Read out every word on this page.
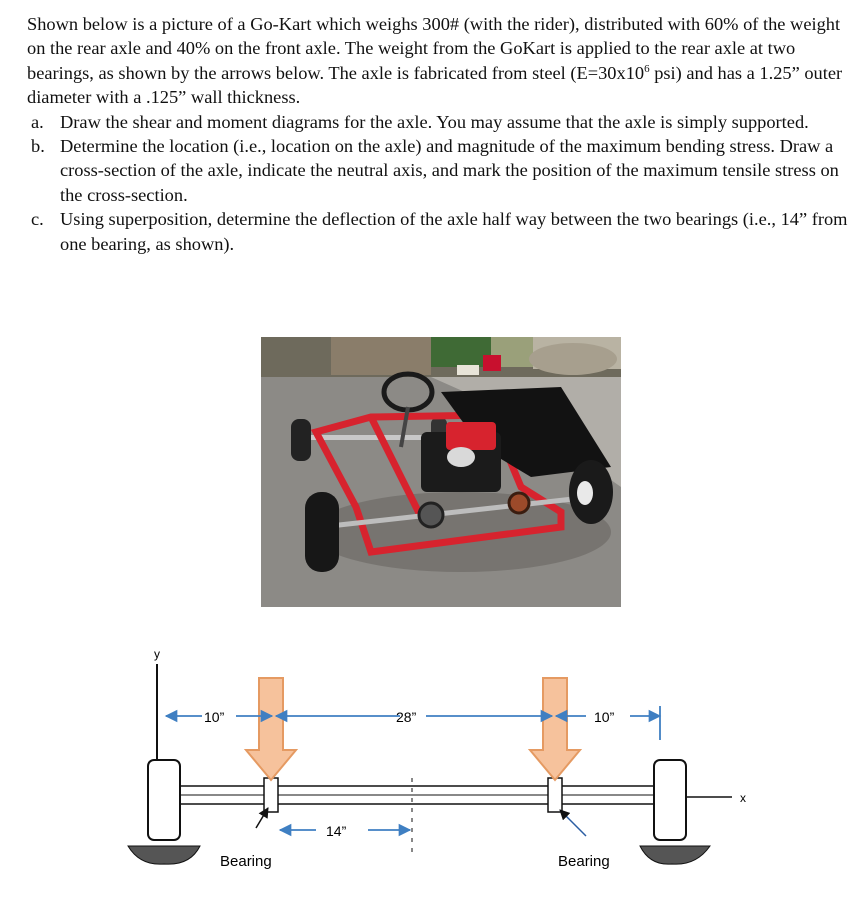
Shown below is a picture of a Go-Kart which weighs 300# (with the rider), distributed with 60% of the weight on the rear axle and 40% on the front axle. The weight from the GoKart is applied to the rear axle at two bearings, as shown by the arrows below. The axle is fabricated from steel ($E=30x10^6$ psi) and has a 1.25” outer diameter with a .125” wall thickness.

a. Draw the shear and moment diagrams for the axle. You may assume that the axle is simply supported.
b. Determine the location (i.e., location on the axle) and magnitude of the maximum bending stress. Draw a cross-section of the axle, indicate the neutral axis, and mark the position of the maximum tensile stress on the cross-section.
c. Using superposition, determine the deflection of the axle half way between the two bearings (i.e., 14” from one bearing, as shown).
y
x
10”	28”	10”
14”
Bearing	Bearing
